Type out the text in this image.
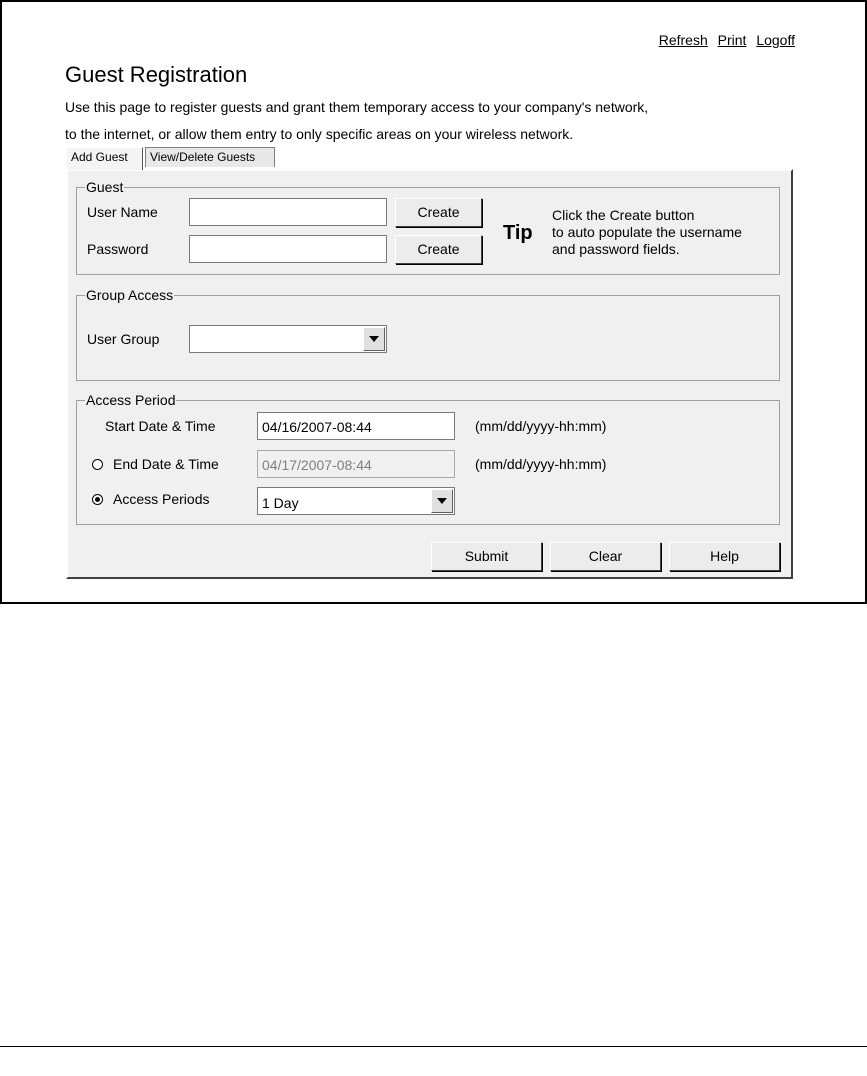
Refresh Print Logoff
Guest Registration
Use this page to register guests and grant them temporary access to your company's network,
to the internet, or allow them entry to only specific areas on your wireless network.
Add Guest	View/Delete Guests
Guest
User Name	Create
Password	Create
Tip
Click the Create button
to auto populate the username
and password fields.
Group Access
User Group
Access Period
Start Date & Time	04/16/2007-08:44	(mm/dd/yyyy-hh:mm)
End Date & Time	04/17/2007-08:44	(mm/dd/yyyy-hh:mm)
Access Periods	1 Day
Submit	Clear	Help
